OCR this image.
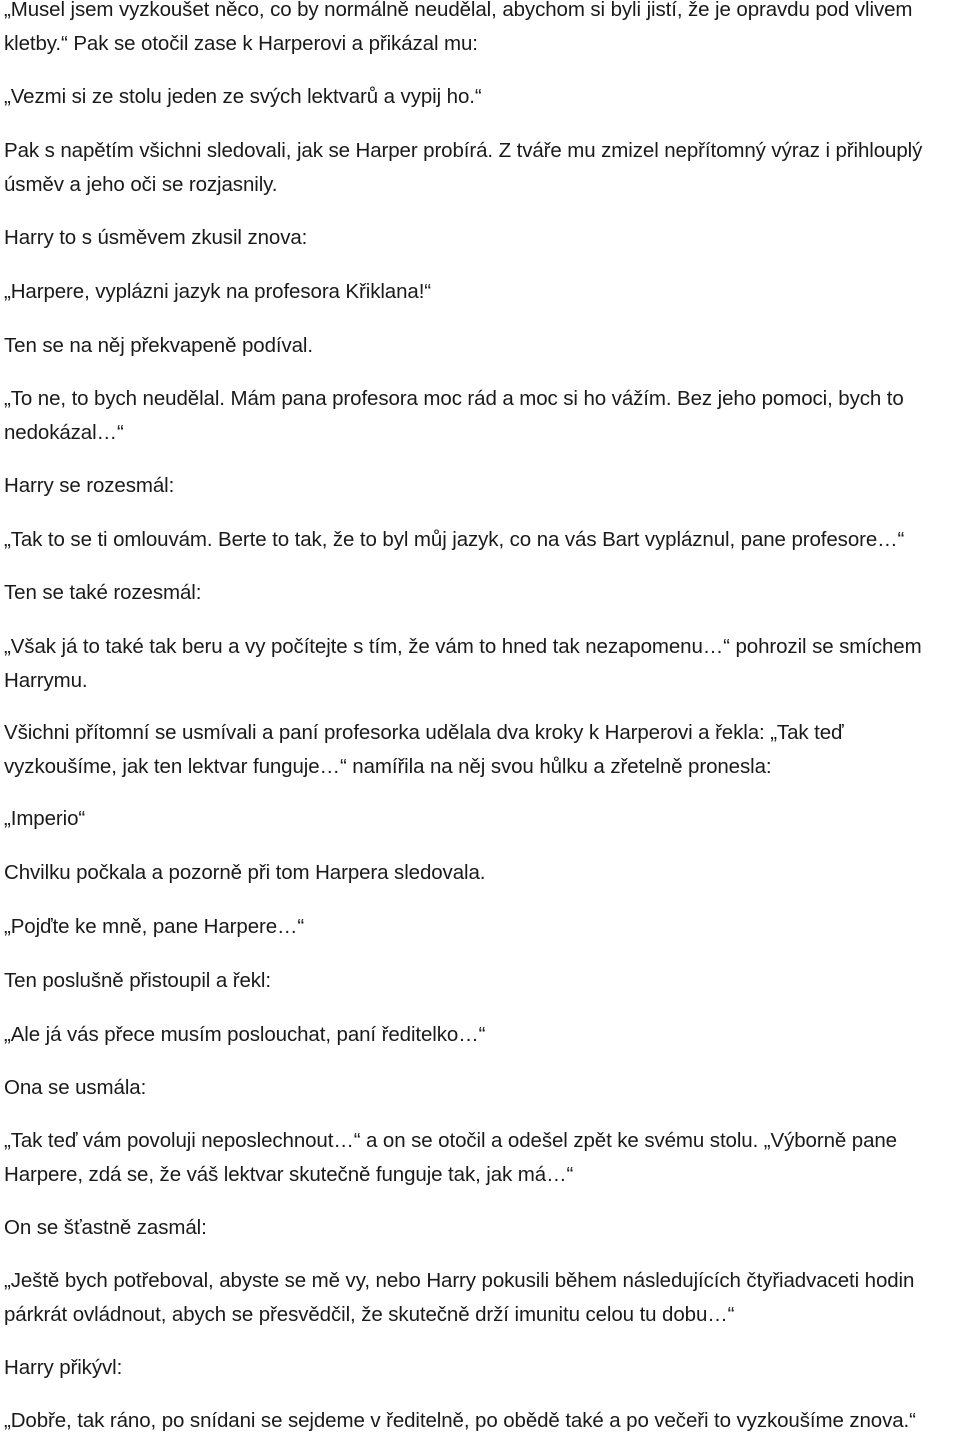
„Musel jsem vyzkoušet něco, co by normálně neudělal, abychom si byli jistí, že je opravdu pod vlivem kletby.“ Pak se otočil zase k Harperovi a přikázal mu:

„Vezmi si ze stolu jeden ze svých lektvarů a vypij ho.“

Pak s napětím všichni sledovali, jak se Harper probírá. Z tváře mu zmizel nepřítomný výraz i přihlouplý úsměv a jeho oči se rozjasnily.

Harry to s úsměvem zkusil znova:

„Harpere, vyplázni jazyk na profesora Křiklana!“

Ten se na něj překvapeně podíval.

„To ne, to bych neudělal. Mám pana profesora moc rád a moc si ho vážím. Bez jeho pomoci, bych to nedokázal…“

Harry se rozesmál:

„Tak to se ti omlouvám. Berte to tak, že to byl můj jazyk, co na vás Bart vypláznul, pane profesore…“

Ten se také rozesmál:

„Však já to také tak beru a vy počítejte s tím, že vám to hned tak nezapomenu…“ pohrozil se smíchem Harrymu.

Všichni přítomní se usmívali a paní profesorka udělala dva kroky k Harperovi a řekla: „Tak teď vyzkoušíme, jak ten lektvar funguje…“ namířila na něj svou hůlku a zřetelně pronesla:

„Imperio“

Chvilku počkala a pozorně při tom Harpera sledovala.

„Pojďte ke mně, pane Harpere…“

Ten poslušně přistoupil a řekl:

„Ale já vás přece musím poslouchat, paní ředitelko…“

Ona se usmála:

„Tak teď vám povoluji neposlechnout…“ a on se otočil a odešel zpět ke svému stolu. „Výborně pane Harpere, zdá se, že váš lektvar skutečně funguje tak, jak má…“

On se šťastně zasmál:

„Ještě bych potřeboval, abyste se mě vy, nebo Harry pokusili během následujících čtyřiadvaceti hodin párkrát ovládnout, abych se přesvědčil, že skutečně drží imunitu celou tu dobu…“

Harry přikývl:

„Dobře, tak ráno, po snídani se sejdeme v ředitelně, po obědě také a po večeři to vyzkoušíme znova.“
